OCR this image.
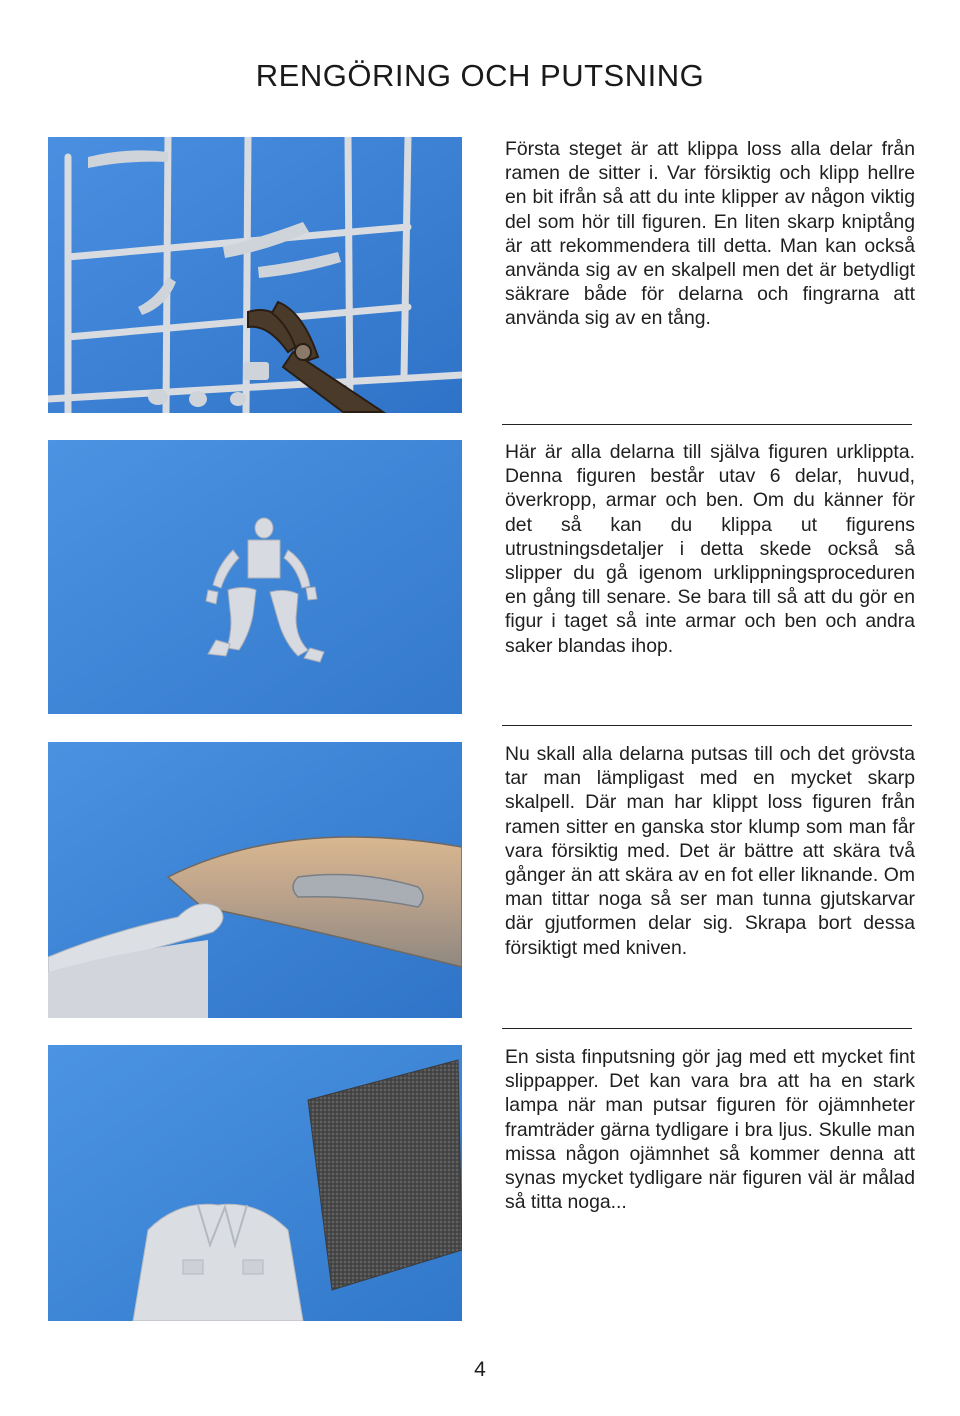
RENGÖRING OCH PUTSNING
Första steget är att klippa loss alla delar från ramen de sitter i. Var försiktig och klipp hellre en bit ifrån så att du inte klipper av någon viktig del som hör till figuren. En liten skarp kniptång är att rekommendera till detta. Man kan också använda sig av en skalpell men det är betydligt säkrare både för delarna och fingrarna att använda sig av en tång.
Här är alla delarna till själva figuren urklippta. Denna figuren består utav 6 delar, huvud, överkropp, armar och ben. Om du känner för det så kan du klippa ut figurens utrustningsdetaljer i detta skede också så slipper du gå igenom urklippningsproceduren en gång till senare. Se bara till så att du gör en figur i taget så inte armar och ben och andra saker blandas ihop.
Nu skall alla delarna putsas till och det grövsta tar man lämpligast med en mycket skarp skalpell. Där man har klippt loss figuren från ramen sitter en ganska stor klump som man får vara försiktig med. Det är bättre att skära två gånger än att skära av en fot eller liknande. Om man tittar noga så ser man tunna gjutskarvar där gjutformen delar sig. Skrapa bort dessa försiktigt med kniven.
En sista finputsning gör jag med ett mycket fint slippapper. Det kan vara bra att ha en stark lampa när man putsar figuren för ojämnheter framträder gärna tydligare i bra ljus. Skulle man missa någon ojämnhet så kommer denna att synas mycket tydligare när figuren väl är målad så titta noga...
4
